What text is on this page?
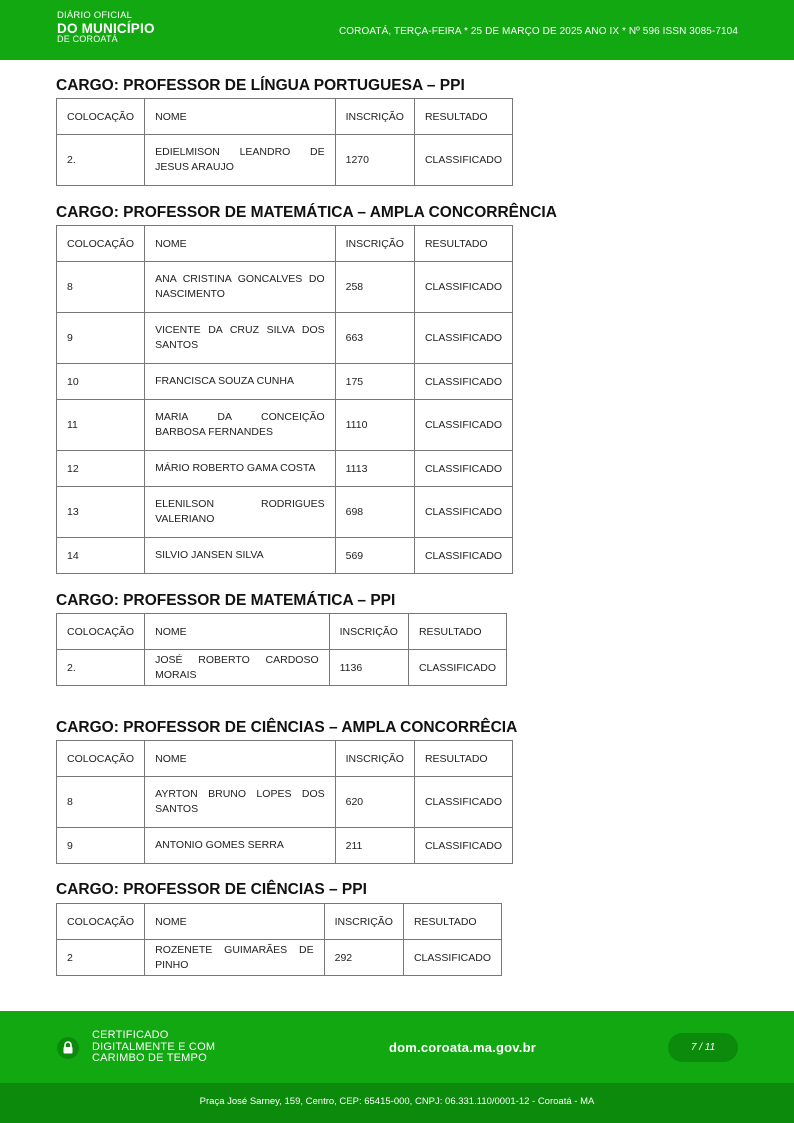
DIÁRIO OFICIAL
DO MUNICÍPIO
DE COROATÁ
COROATÁ, TERÇA-FEIRA * 25 DE MARÇO DE 2025 ANO IX * Nº 596 ISSN 3085-7104
CARGO: PROFESSOR DE LÍNGUA PORTUGUESA – PPI
COLOCAÇÃO	NOME	INSCRIÇÃO	RESULTADO
2.	EDIELMISON LEANDRO DE JESUS ARAUJO	1270	CLASSIFICADO
CARGO: PROFESSOR DE MATEMÁTICA – AMPLA CONCORRÊNCIA
COLOCAÇÃO	NOME	INSCRIÇÃO	RESULTADO
8	ANA CRISTINA GONCALVES DO NASCIMENTO	258	CLASSIFICADO
9	VICENTE DA CRUZ SILVA DOS SANTOS	663	CLASSIFICADO
10	FRANCISCA SOUZA CUNHA	175	CLASSIFICADO
11	MARIA DA CONCEIÇÃO BARBOSA FERNANDES	1110	CLASSIFICADO
12	MÁRIO ROBERTO GAMA COSTA	1113	CLASSIFICADO
13	ELENILSON RODRIGUES VALERIANO	698	CLASSIFICADO
14	SILVIO JANSEN SILVA	569	CLASSIFICADO
CARGO: PROFESSOR DE MATEMÁTICA – PPI
COLOCAÇÃO	NOME	INSCRIÇÃO	RESULTADO
2.	JOSÉ ROBERTO CARDOSO MORAIS	1136	CLASSIFICADO
CARGO: PROFESSOR DE CIÊNCIAS – AMPLA CONCORRÊCIA
COLOCAÇÃO	NOME	INSCRIÇÃO	RESULTADO
8	AYRTON BRUNO LOPES DOS SANTOS	620	CLASSIFICADO
9	ANTONIO GOMES SERRA	211	CLASSIFICADO
CARGO: PROFESSOR DE CIÊNCIAS – PPI
COLOCAÇÃO	NOME	INSCRIÇÃO	RESULTADO
2	ROZENETE GUIMARÃES DE PINHO	292	CLASSIFICADO
CERTIFICADO
DIGITALMENTE E COM
CARIMBO DE TEMPO
dom.coroata.ma.gov.br	7 / 11
Praça José Sarney, 159, Centro, CEP: 65415-000, CNPJ: 06.331.110/0001-12 - Coroatá - MA
